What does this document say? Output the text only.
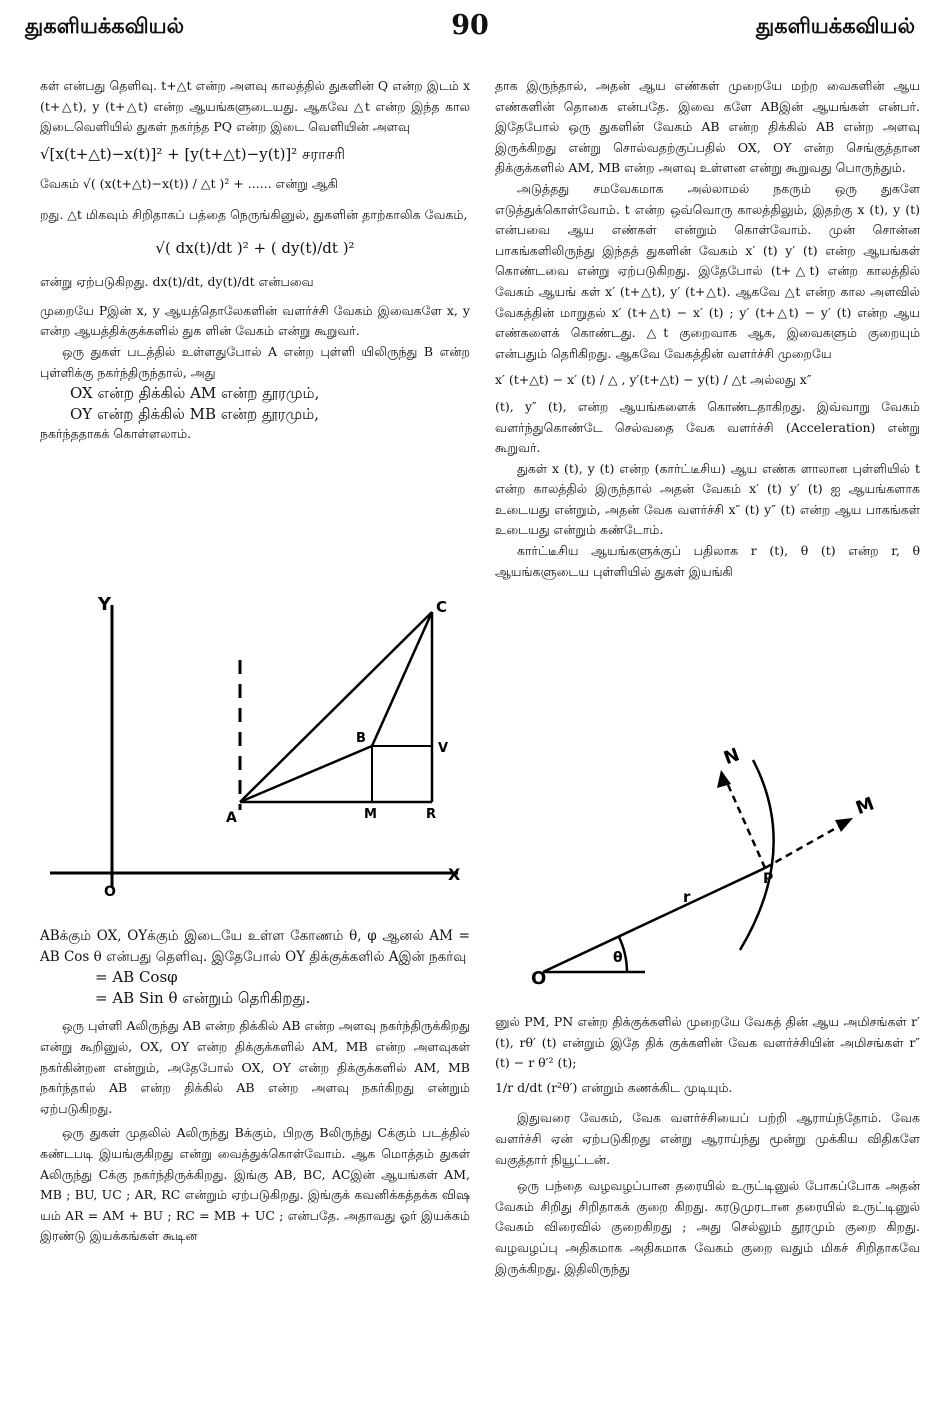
துகளியக்கவியல்	90	துகளியக்கவியல்

கள் என்பது தெளிவு. t+△t என்ற அளவு காலத்தில் துகளின் Q என்ற இடம் x (t+△t), y (t+△t) என்ற ஆயங்களுடையது. ஆகவே △t என்ற இந்த கால இடைவெளியில் துகள் நகர்ந்த PQ என்ற இடை வெளியின் அளவு

√[x(t+△t)−x(t)]² + [y(t+△t)−y(t)]² சராசரி

வேகம் √( (x(t+△t)−x(t)) / △t )² + ...... என்று ஆகி

றது. △t மிகவும் சிறிதாகப் பத்தை நெருங்கினுல், துகளின் தாற்காலிக வேகம்,

√( dx(t)/dt )² + ( dy(t)/dt )²

என்று ஏற்படுகிறது. dx(t)/dt, dy(t)/dt என்பவை

முறையே Pஇன் x, y ஆயத்தொலேகளின் வளர்ச்சி வேகம் இவைகளே x, y என்ற ஆயத்திக்குக்களில் துக ளின் வேகம் என்று கூறுவர்.

ஒரு துகள் படத்தில் உள்ளதுபோல் A என்ற புள்ளி யிலிருந்து B என்ற புள்ளிக்கு நகர்ந்திருந்தால், அது

OX என்ற திக்கில் AM என்ற தூரமும்,

OY என்ற திக்கில் MB என்ற தூரமும்,

நகர்ந்ததாகக் கொள்ளலாம்.

Y
X
O
A
B
C
M	R
V

ABக்கும் OX, OYக்கும் இடையே உள்ள கோணம் θ, φ ஆனல் AM = AB Cos θ என்பது தெளிவு. இதேபோல் OY திக்குக்களில் Aஇன் நகர்வு

= AB Cosφ

= AB Sin θ என்றும் தெரிகிறது.

ஒரு புள்ளி Aலிருந்து AB என்ற திக்கில் AB என்ற அளவு நகர்ந்திருக்கிறது என்று கூறினுல், OX, OY என்ற திக்குக்களில் AM, MB என்ற அளவுகள் நகர்கின்றன என்றும், அதேபோல் OX, OY என்ற திக்குக்களில் AM, MB நகர்ந்தால் AB என்ற திக்கில் AB என்ற அளவு நகர்கிறது என்றும் ஏற்படுகிறது.

ஒரு துகள் முதலில் Aலிருந்து Bக்கும், பிறகு Bலிருந்து Cக்கும் படத்தில் கண்டபடி இயங்குகிறது என்று வைத்துக்கொள்வோம். ஆக மொத்தம் துகள் Aலிருந்து Cக்கு நகர்ந்திருக்கிறது. இங்கு AB, BC, ACஇன் ஆயங்கள் AM, MB ; BU, UC ; AR, RC என்றும் ஏற்படுகிறது. இங்குக் கவனிக்கத்தக்க விஷ யம் AR = AM + BU ; RC = MB + UC ; என்பதே. அதாவது ஓர் இயக்கம் இரண்டு இயக்கங்கள் கூடின

தாக இருந்தால், அதன் ஆய எண்கள் முறையே மற்ற வைகளின் ஆய எண்களின் தொகை என்பதே. இவை களே ABஇன் ஆயங்கள் என்பர். இதேபோல் ஒரு துகளின் வேகம் AB என்ற திக்கில் AB என்ற அளவு இருக்கிறது என்று சொல்வதற்குப்பதில் OX, OY என்ற செங்குத்தான திக்குக்களில் AM, MB என்ற அளவு உள்ளன என்று கூறுவது பொருந்தும்.

அடுத்தது சமவேகமாக அல்லாமல் நகரும் ஒரு துகளே எடுத்துக்கொள்வோம். t என்ற ஒவ்வொரு காலத்திலும், இதற்கு x (t), y (t) என்பவை ஆய எண்கள் என்றும் கொள்வோம். முன் சொன்ன பாகங்களிலிருந்து இந்தத் துகளின் வேகம் x′ (t) y′ (t) என்ற ஆயங்கள் கொண்டவை என்று ஏற்படுகிறது. இதேபோல் (t+△t) என்ற காலத்தில் வேகம் ஆயங் கள் x′ (t+△t), y′ (t+△t). ஆகவே △t என்ற கால அளவில் வேகத்தின் மாறுதல் x′ (t+△t) − x′ (t) ; y′ (t+△t) − y′ (t) என்ற ஆய எண்களைக் கொண்டது. △t குறைவாக ஆக, இவைகளும் குறையும் என்பதும் தெரிகிறது. ஆகவே வேகத்தின் வளர்ச்சி முறையே

x′ (t+△t) − x′ (t) / △ , y′(t+△t) − y(t) / △t அல்லது x″

(t), y″ (t), என்ற ஆயங்களைக் கொண்டதாகிறது. இவ்வாறு வேகம் வளர்ந்துகொண்டே செல்வதை வேக வளர்ச்சி (Acceleration) என்று கூறுவர்.

துகள் x (t), y (t) என்ற (கார்ட்டீசிய) ஆய எண்க ளாலான புள்ளியில் t என்ற காலத்தில் இருந்தால் அதன் வேகம் x′ (t) y′ (t) ஐ ஆயங்களாக உடையது என்றும், அதன் வேக வளர்ச்சி x″ (t) y″ (t) என்ற ஆய பாகங்கள் உடையது என்றும் கண்டோம்.

கார்ட்டீசிய ஆயங்களுக்குப் பதிலாக r (t), θ (t) என்ற r, θ ஆயங்களுடைய புள்ளியில் துகள் இயங்கி

O
θ
r
P
N
M

னுல் PM, PN என்ற திக்குக்களில் முறையே வேகத் தின் ஆய அமிசங்கள் r′ (t), rθ′ (t) என்றும் இதே திக் குக்களின் வேக வளர்ச்சியின் அமிசங்கள் r″ (t) − r θ′² (t);

1/r d/dt (r²θ′) என்றும் கணக்கிட முடியும்.

இதுவரை வேகம், வேக வளர்ச்சியைப் பற்றி ஆராய்ந்தோம். வேக வளர்ச்சி ஏன் ஏற்படுகிறது என்று ஆராய்ந்து மூன்று முக்கிய விதிகளே வகுத்தார் நியூட்டன்.

ஒரு பந்தை வழவழப்பான தரையில் உருட்டினுல் போகப்போக அதன் வேகம் சிறிது சிறிதாகக் குறை கிறது. கரடுமுரடான தரையில் உருட்டினுல் வேகம் விரைவில் குறைகிறது ; அது செல்லும் தூரமும் குறை கிறது. வழவழப்பு அதிகமாக அதிகமாக வேகம் குறை வதும் மிகச் சிறிதாகவே இருக்கிறது. இதிலிருந்து
